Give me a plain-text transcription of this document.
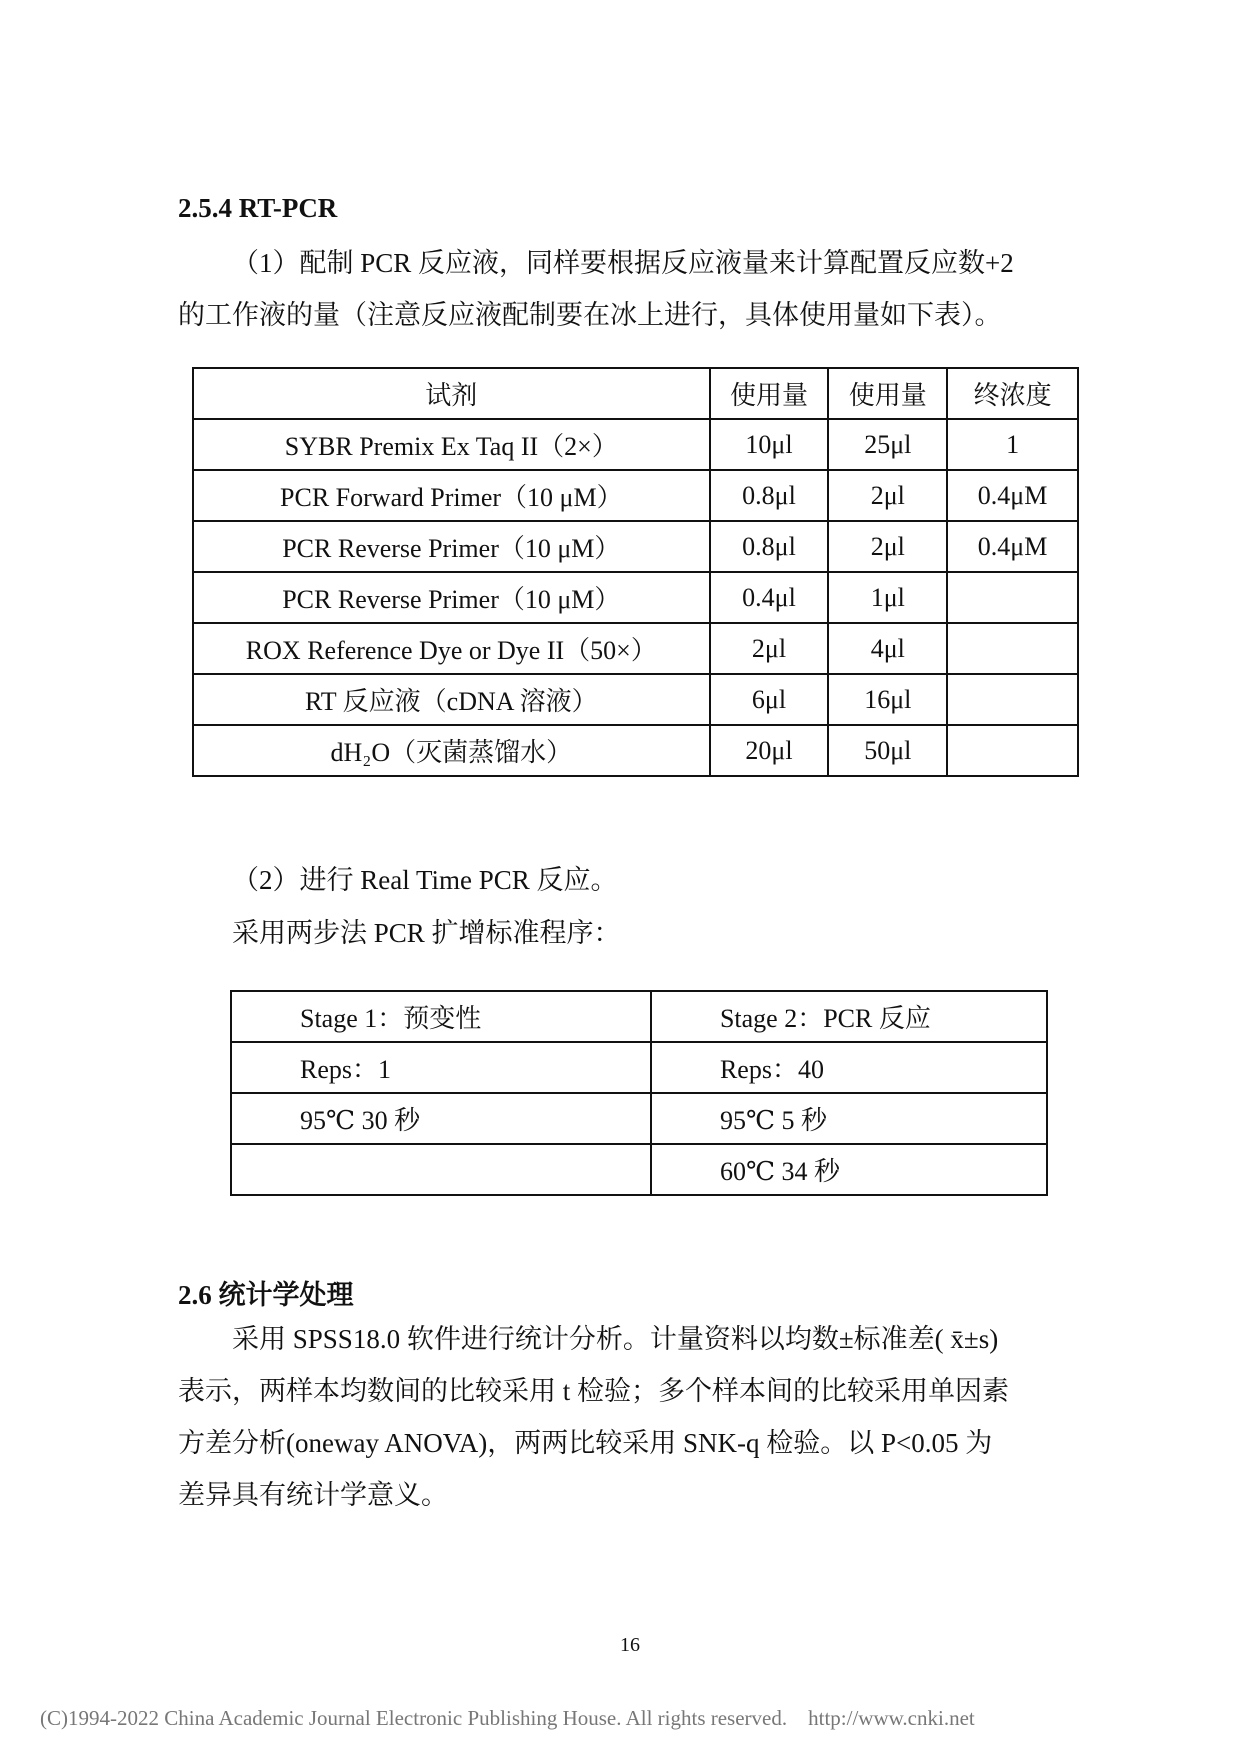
2.5.4 RT-PCR
（1）配制 PCR 反应液，同样要根据反应液量来计算配置反应数+2
的工作液的量（注意反应液配制要在冰上进行，具体使用量如下表）。
试剂	使用量	使用量	终浓度
SYBR Premix Ex Taq II（2×）	10μl	25μl	1
PCR Forward Primer（10 μM）	0.8μl	2μl	0.4μM
PCR Reverse Primer（10 μM）	0.8μl	2μl	0.4μM
PCR Reverse Primer（10 μM）	0.4μl	1μl	
ROX Reference Dye or Dye II（50×）	2μl	4μl	
RT 反应液（cDNA 溶液）	6μl	16μl	
dH₂O（灭菌蒸馏水）	20μl	50μl	
（2）进行 Real Time PCR 反应。
采用两步法 PCR 扩增标准程序：
Stage 1：预变性	Stage 2：PCR 反应
Reps：1	Reps：40
95℃ 30 秒	95℃ 5 秒
	60℃ 34 秒
2.6 统计学处理
采用 SPSS18.0 软件进行统计分析。计量资料以均数±标准差( x̄±s)
表示，两样本均数间的比较采用 t 检验；多个样本间的比较采用单因素
方差分析(oneway ANOVA)，两两比较采用 SNK-q 检验。以 P<0.05 为
差异具有统计学意义。
16
(C)1994-2022 China Academic Journal Electronic Publishing House. All rights reserved.    http://www.cnki.net
